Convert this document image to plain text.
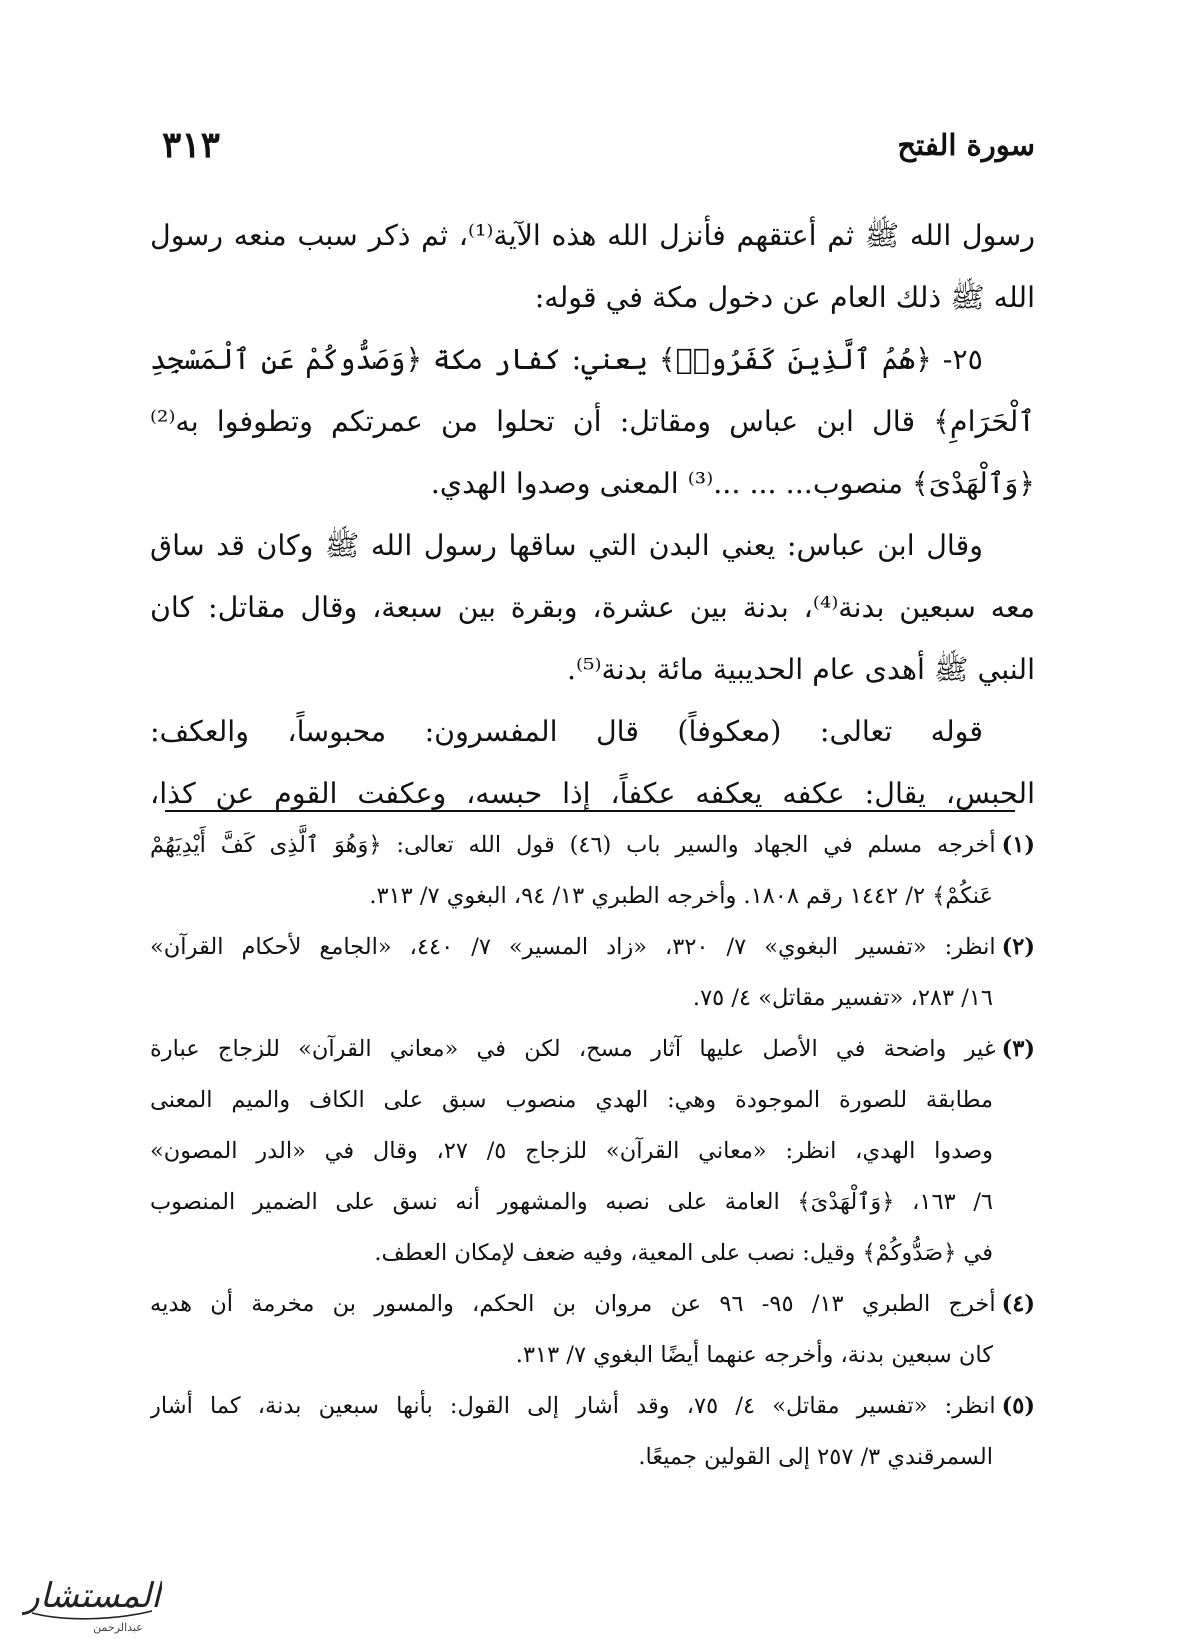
سورة الفتح
٣١٣

رسول الله ﷺ ثم أعتقهم فأنزل الله هذه الآية⁽¹⁾، ثم ذكر سبب منعه رسول
الله ﷺ ذلك العام عن دخول مكة في قوله:

٢٥- ﴿هُمُ ٱلَّذِينَ كَفَرُوا۟﴾ يعني: كفار مكة ﴿وَصَدُّوكُمْ عَنِ ٱلْمَسْجِدِ
ٱلْحَرَامِ﴾ قال ابن عباس ومقاتل: أن تحلوا من عمرتكم وتطوفوا به⁽²⁾
﴿وَٱلْهَدْىَ﴾ منصوب... ... ...⁽³⁾ المعنى وصدوا الهدي.

وقال ابن عباس: يعني البدن التي ساقها رسول الله ﷺ وكان قد ساق
معه سبعين بدنة⁽⁴⁾، بدنة بين عشرة، وبقرة بين سبعة، وقال مقاتل: كان
النبي ﷺ أهدى عام الحديبية مائة بدنة⁽⁵⁾.

قوله تعالى: (معكوفاً) قال المفسرون: محبوساً، والعكف:
الحبس، يقال: عكفه يعكفه عكفاً، إذا حبسه، وعكفت القوم عن كذا،

(١)أخرجه مسلم في الجهاد والسير باب (٤٦) قول الله تعالى: ﴿وَهُوَ ٱلَّذِى كَفَّ أَيْدِيَهُمْ
عَنكُمْ﴾ ٢/ ١٤٤٢ رقم ١٨٠٨. وأخرجه الطبري ١٣/ ٩٤، البغوي ٧/ ٣١٣.
(٢)انظر: «تفسير البغوي» ٧/ ٣٢٠، «زاد المسير» ٧/ ٤٤٠، «الجامع لأحكام القرآن»
١٦/ ٢٨٣، «تفسير مقاتل» ٤/ ٧٥.
(٣)غير واضحة في الأصل عليها آثار مسح، لكن في «معاني القرآن» للزجاج عبارة
مطابقة للصورة الموجودة وهي: الهدي منصوب سبق على الكاف والميم المعنى
وصدوا الهدي، انظر: «معاني القرآن» للزجاج ٥/ ٢٧، وقال في «الدر المصون»
٦/ ١٦٣، ﴿وَٱلْهَدْىَ﴾ العامة على نصبه والمشهور أنه نسق على الضمير المنصوب
في ﴿صَدُّوكُمْ﴾ وقيل: نصب على المعية، وفيه ضعف لإمكان العطف.
(٤)أخرج الطبري ١٣/ ٩٥- ٩٦ عن مروان بن الحكم، والمسور بن مخرمة أن هديه
كان سبعين بدنة، وأخرجه عنهما أيضًا البغوي ٧/ ٣١٣.
(٥)انظر: «تفسير مقاتل» ٤/ ٧٥، وقد أشار إلى القول: بأنها سبعين بدنة، كما أشار
السمرقندي ٣/ ٢٥٧ إلى القولين جميعًا.
المستشار
عبدالرحمن
